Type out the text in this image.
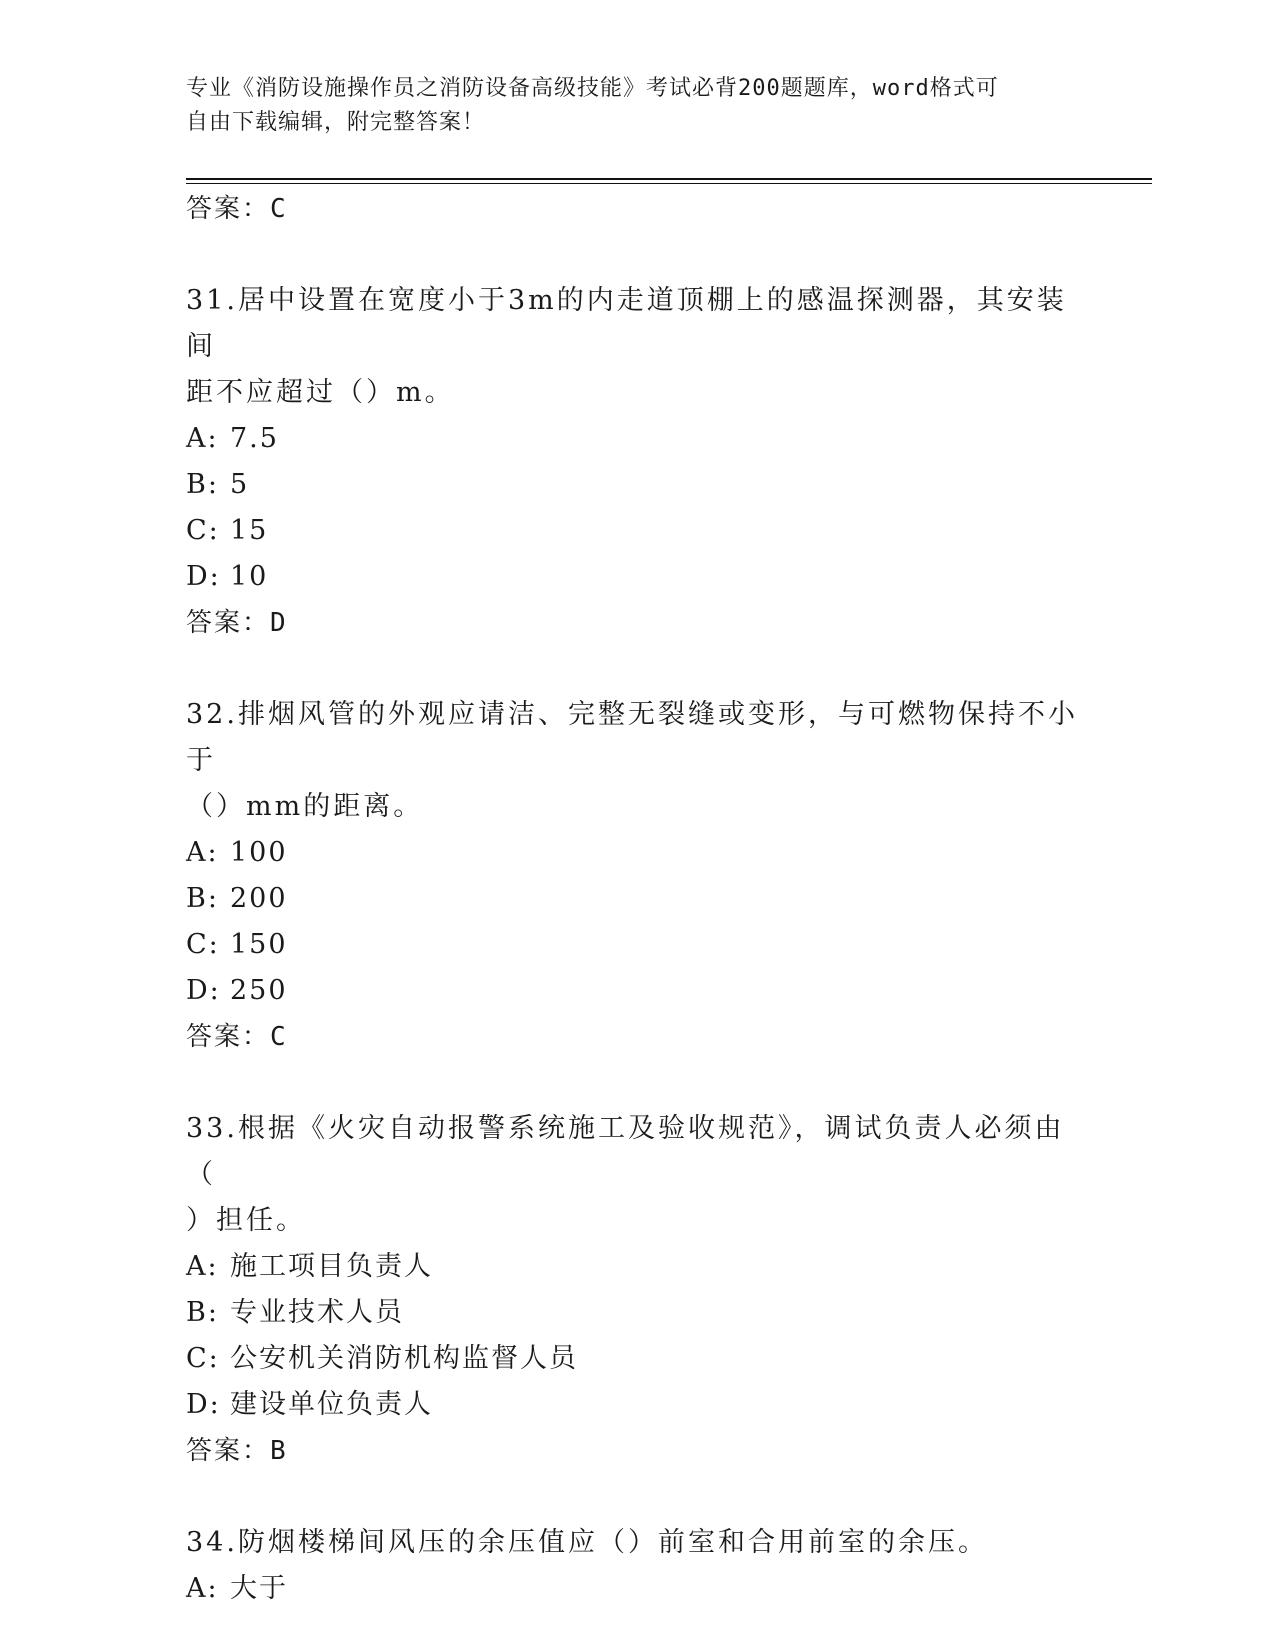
专业《消防设施操作员之消防设备高级技能》考试必背200题题库，word格式可
自由下载编辑，附完整答案！

答案：C

31.居中设置在宽度小于3m的内走道顶棚上的感温探测器，其安装间

距不应超过（）m。

A: 7.5

B: 5

C: 15

D: 10

答案：D

32.排烟风管的外观应请洁、完整无裂缝或变形，与可燃物保持不小于

（）mm的距离。

A: 100

B: 200

C: 150

D: 250

答案：C

33.根据《火灾自动报警系统施工及验收规范》，调试负责人必须由（

）担任。

A: 施工项目负责人

B: 专业技术人员

C: 公安机关消防机构监督人员

D: 建设单位负责人

答案：B

34.防烟楼梯间风压的余压值应（）前室和合用前室的余压。

A: 大于
